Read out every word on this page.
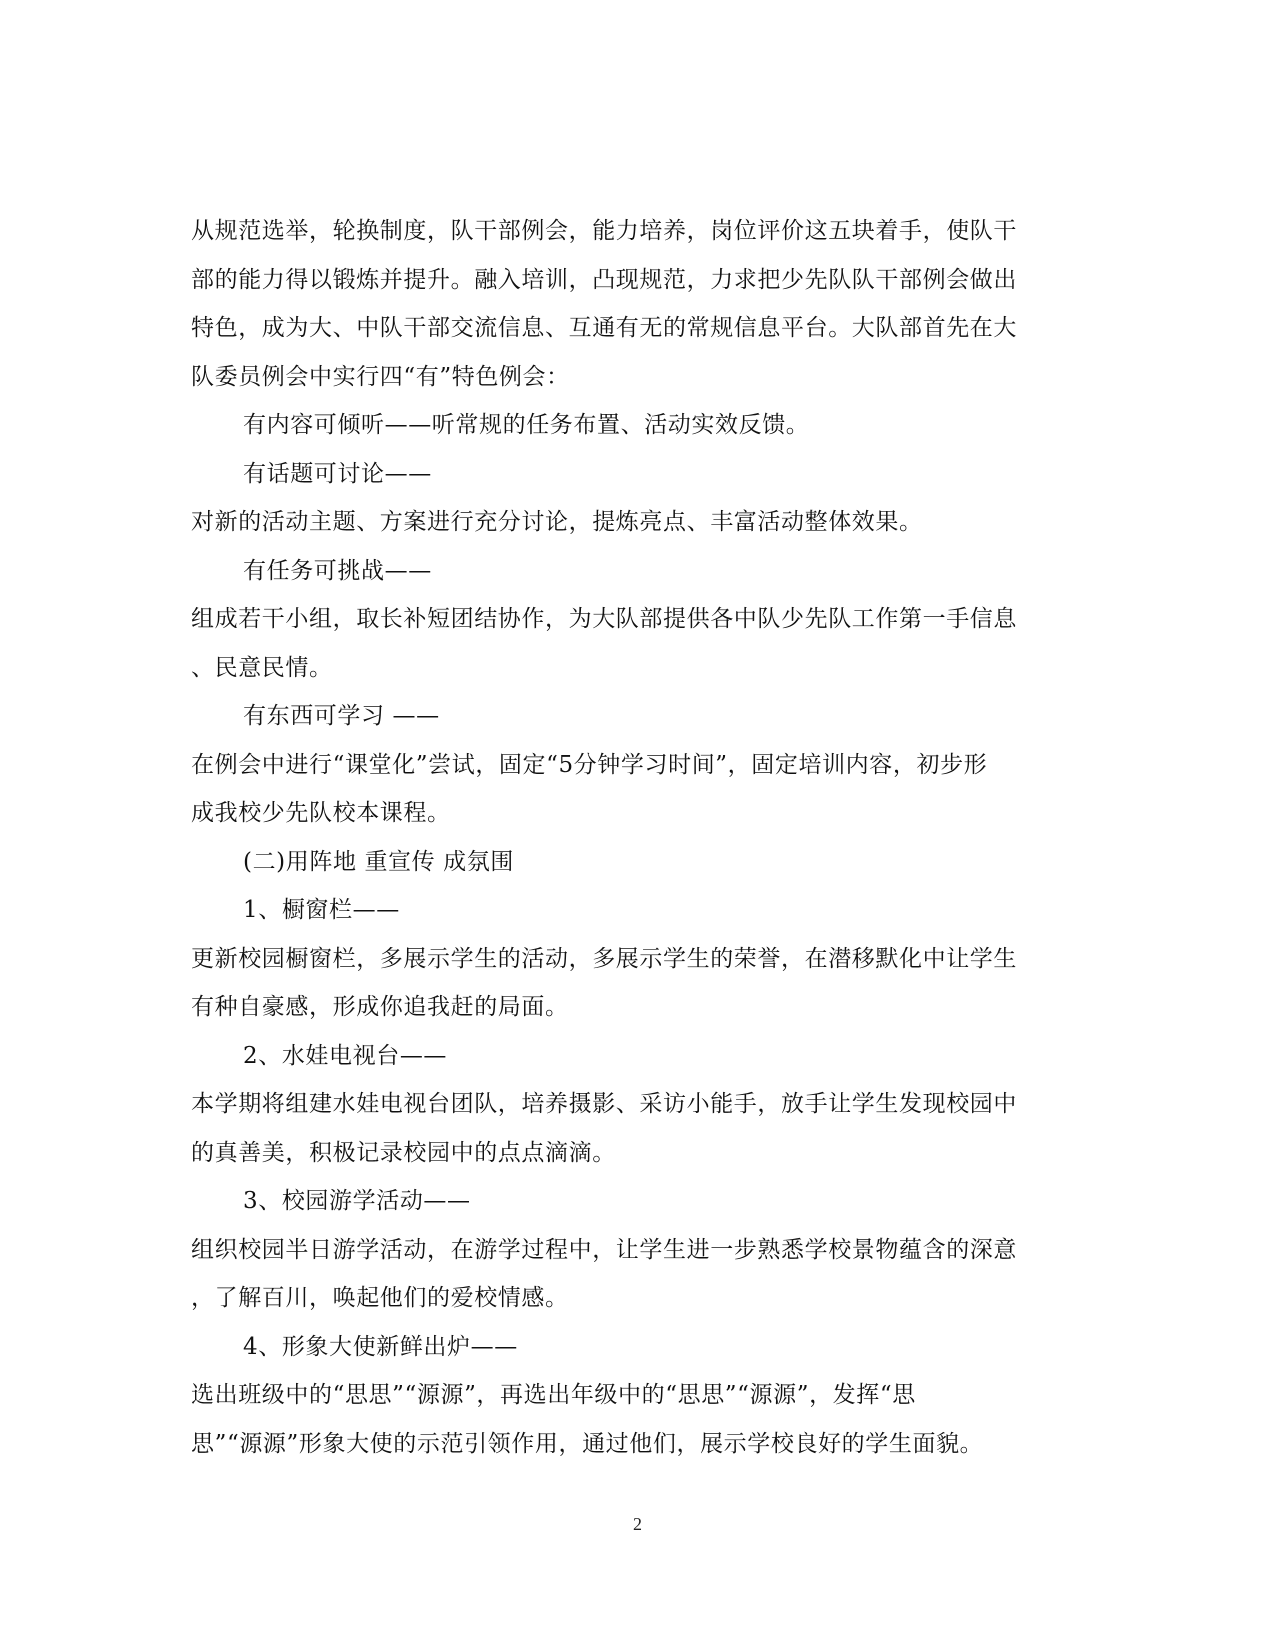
从规范选举，轮换制度，队干部例会，能力培养，岗位评价这五块着手，使队干
部的能力得以锻炼并提升。融入培训，凸现规范，力求把少先队队干部例会做出
特色，成为大、中队干部交流信息、互通有无的常规信息平台。大队部首先在大
队委员例会中实行四“有”特色例会：
有内容可倾听——听常规的任务布置、活动实效反馈。
有话题可讨论——
对新的活动主题、方案进行充分讨论，提炼亮点、丰富活动整体效果。
有任务可挑战——
组成若干小组，取长补短团结协作，为大队部提供各中队少先队工作第一手信息
、民意民情。
有东西可学习 ——
在例会中进行“课堂化”尝试，固定“5分钟学习时间”，固定培训内容，初步形
成我校少先队校本课程。
(二)用阵地 重宣传 成氛围
1、橱窗栏——
更新校园橱窗栏，多展示学生的活动，多展示学生的荣誉，在潜移默化中让学生
有种自豪感，形成你追我赶的局面。
2、水娃电视台——
本学期将组建水娃电视台团队，培养摄影、采访小能手，放手让学生发现校园中
的真善美，积极记录校园中的点点滴滴。
3、校园游学活动——
组织校园半日游学活动，在游学过程中，让学生进一步熟悉学校景物蕴含的深意
，了解百川，唤起他们的爱校情感。
4、形象大使新鲜出炉——
选出班级中的“思思”“源源”，再选出年级中的“思思”“源源”，发挥“思
思”“源源”形象大使的示范引领作用，通过他们，展示学校良好的学生面貌。
2
